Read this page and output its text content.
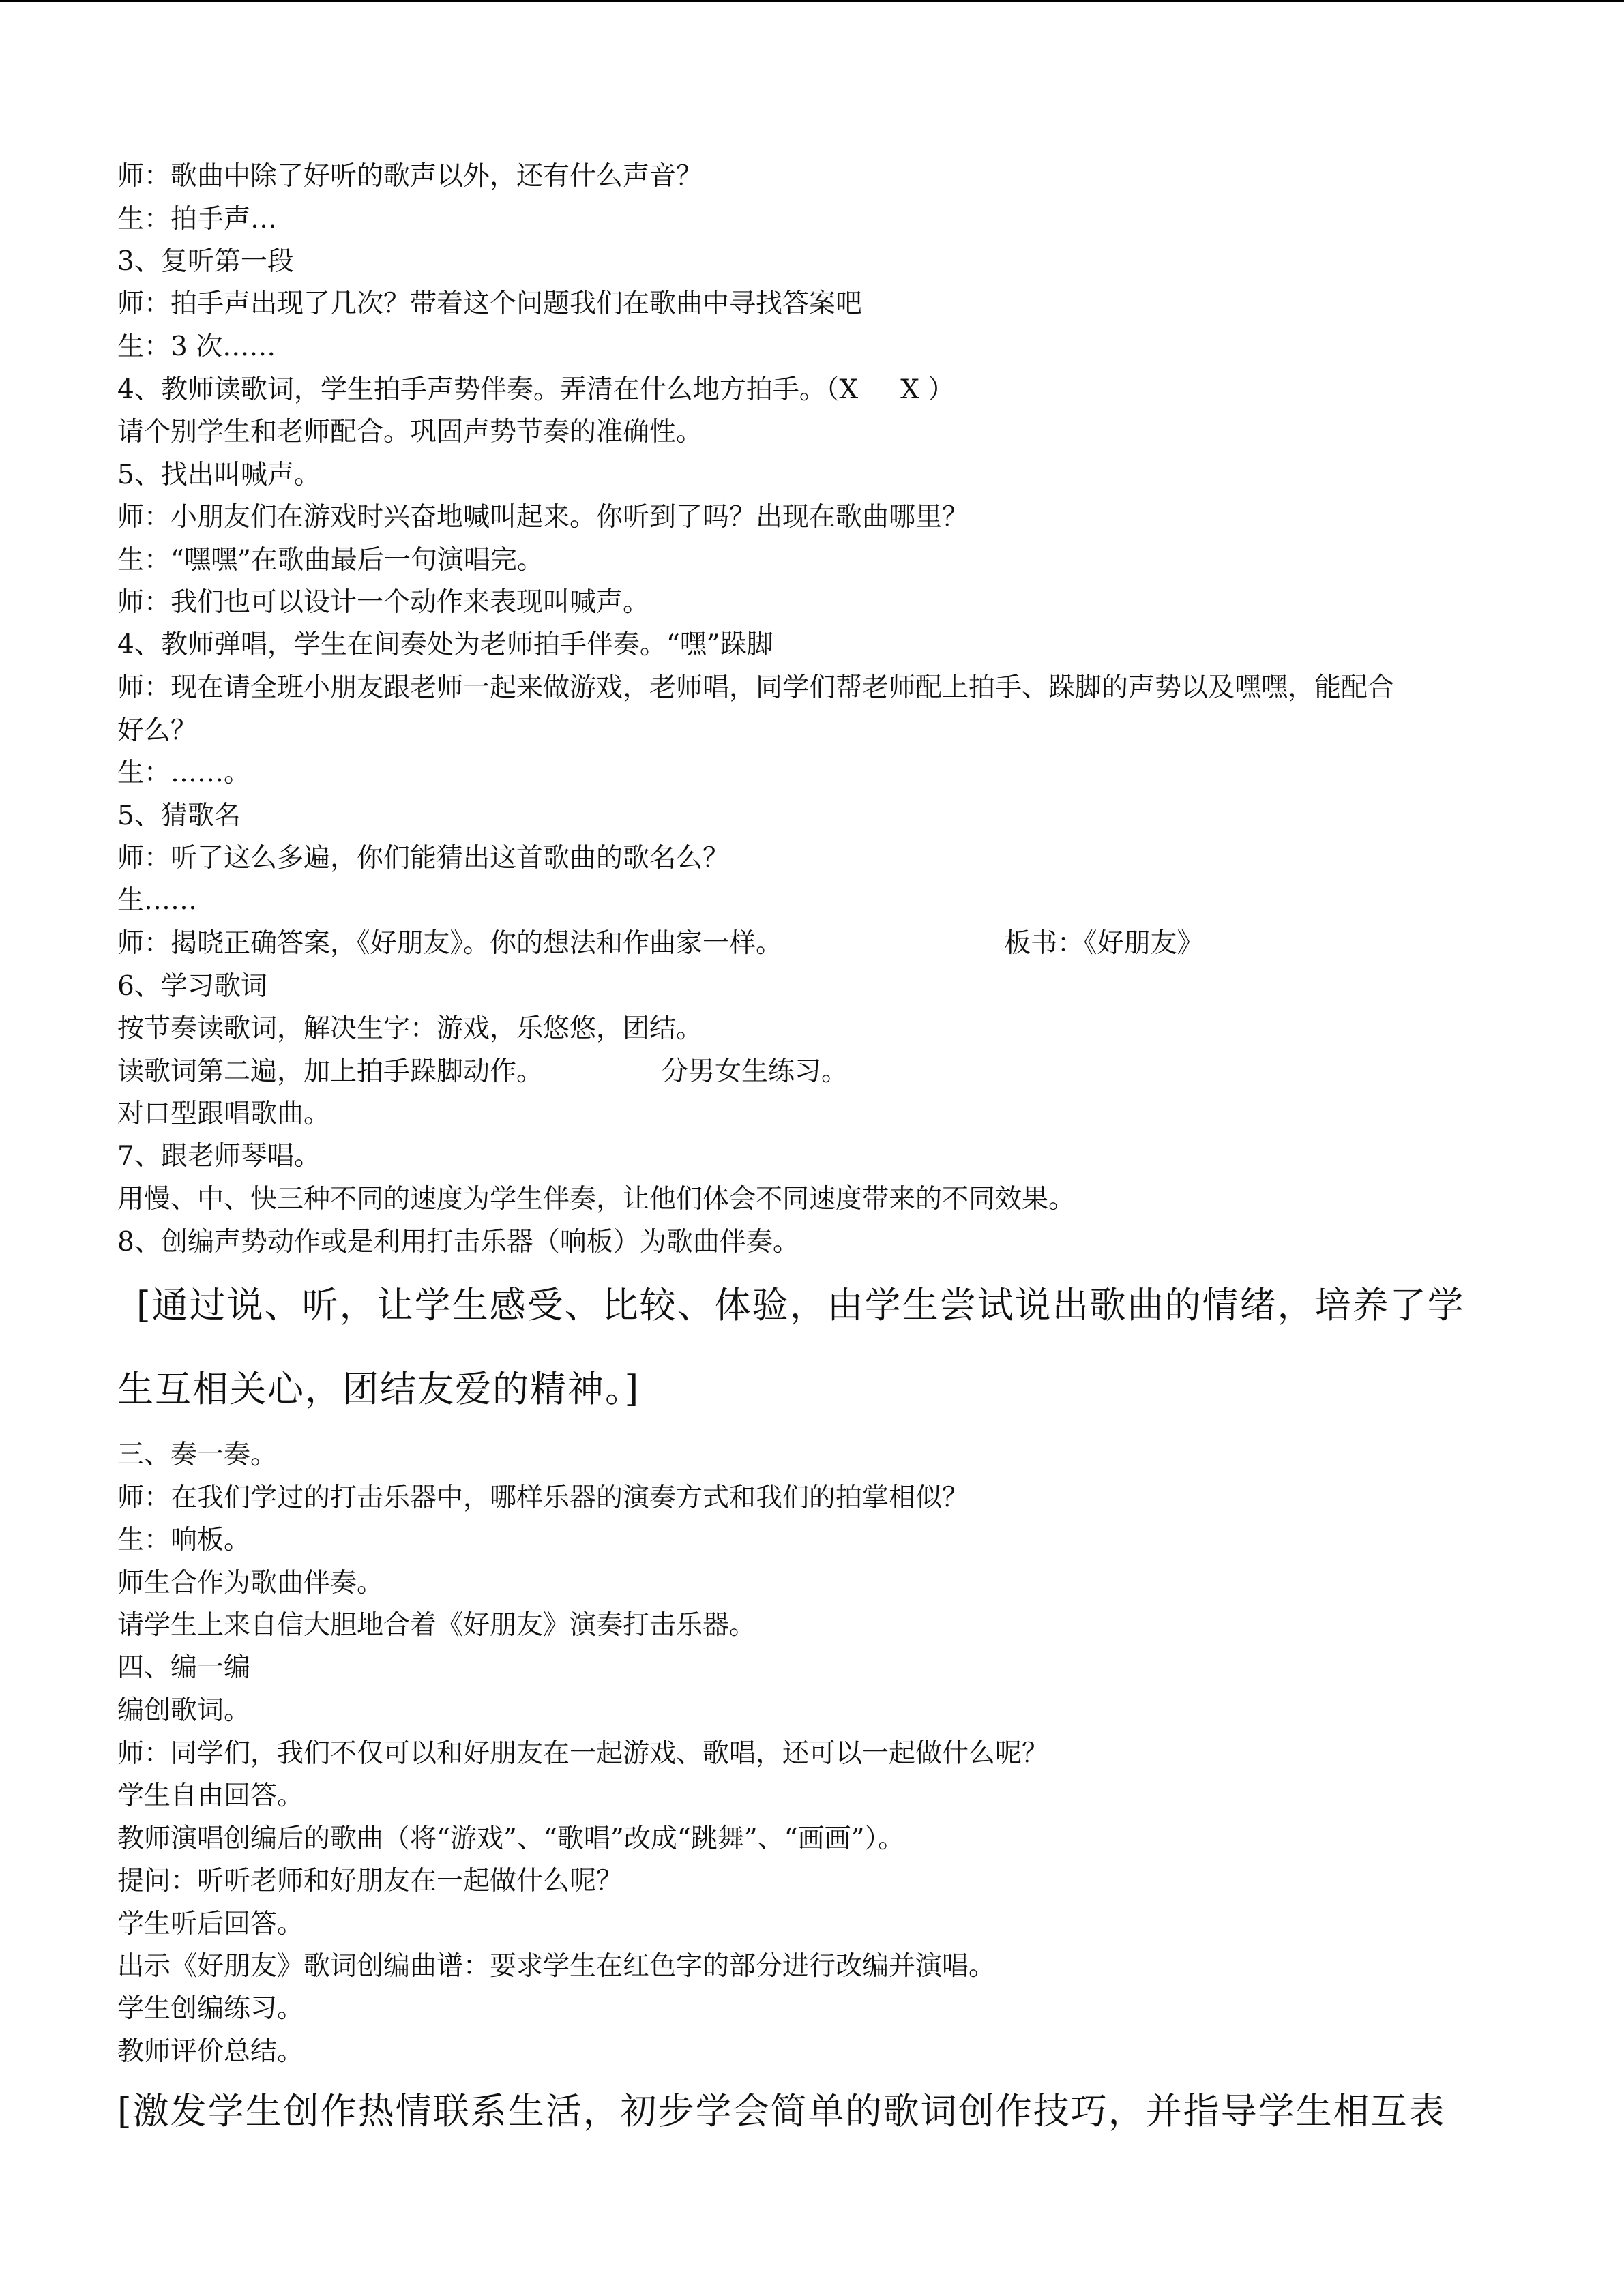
师：歌曲中除了好听的歌声以外，还有什么声音？
生：拍手声…
3、复听第一段
师：拍手声出现了几次？带着这个问题我们在歌曲中寻找答案吧
生：3 次……
4、教师读歌词，学生拍手声势伴奏。弄清在什么地方拍手。（X     X ）
请个别学生和老师配合。巩固声势节奏的准确性。
5、找出叫喊声。
师：小朋友们在游戏时兴奋地喊叫起来。你听到了吗？出现在歌曲哪里？
生：“嘿嘿”在歌曲最后一句演唱完。
师：我们也可以设计一个动作来表现叫喊声。
4、教师弹唱，学生在间奏处为老师拍手伴奏。“嘿”跺脚
师：现在请全班小朋友跟老师一起来做游戏，老师唱，同学们帮老师配上拍手、跺脚的声势以及嘿嘿，能配合
好么？
生：……。
5、猜歌名
师：听了这么多遍，你们能猜出这首歌曲的歌名么？
生……
师：揭晓正确答案，《好朋友》。你的想法和作曲家一样。	板书：《好朋友》
6、学习歌词
按节奏读歌词，解决生字：游戏，乐悠悠，团结。
读歌词第二遍，加上拍手跺脚动作。	分男女生练习。
对口型跟唱歌曲。
7、跟老师琴唱。
用慢、中、快三种不同的速度为学生伴奏，让他们体会不同速度带来的不同效果。
8、创编声势动作或是利用打击乐器（响板）为歌曲伴奏。
[通过说、听，让学生感受、比较、体验，由学生尝试说出歌曲的情绪，培养了学
生互相关心，团结友爱的精神。]
三、奏一奏。
师：在我们学过的打击乐器中，哪样乐器的演奏方式和我们的拍掌相似？
生：响板。
师生合作为歌曲伴奏。
请学生上来自信大胆地合着《好朋友》演奏打击乐器。
四、编一编
编创歌词。
师：同学们，我们不仅可以和好朋友在一起游戏、歌唱，还可以一起做什么呢？
学生自由回答。
教师演唱创编后的歌曲（将“游戏”、“歌唱”改成“跳舞”、“画画”）。
提问：听听老师和好朋友在一起做什么呢？
学生听后回答。
出示《好朋友》歌词创编曲谱：要求学生在红色字的部分进行改编并演唱。
学生创编练习。
教师评价总结。
[激发学生创作热情联系生活，初步学会简单的歌词创作技巧，并指导学生相互表
